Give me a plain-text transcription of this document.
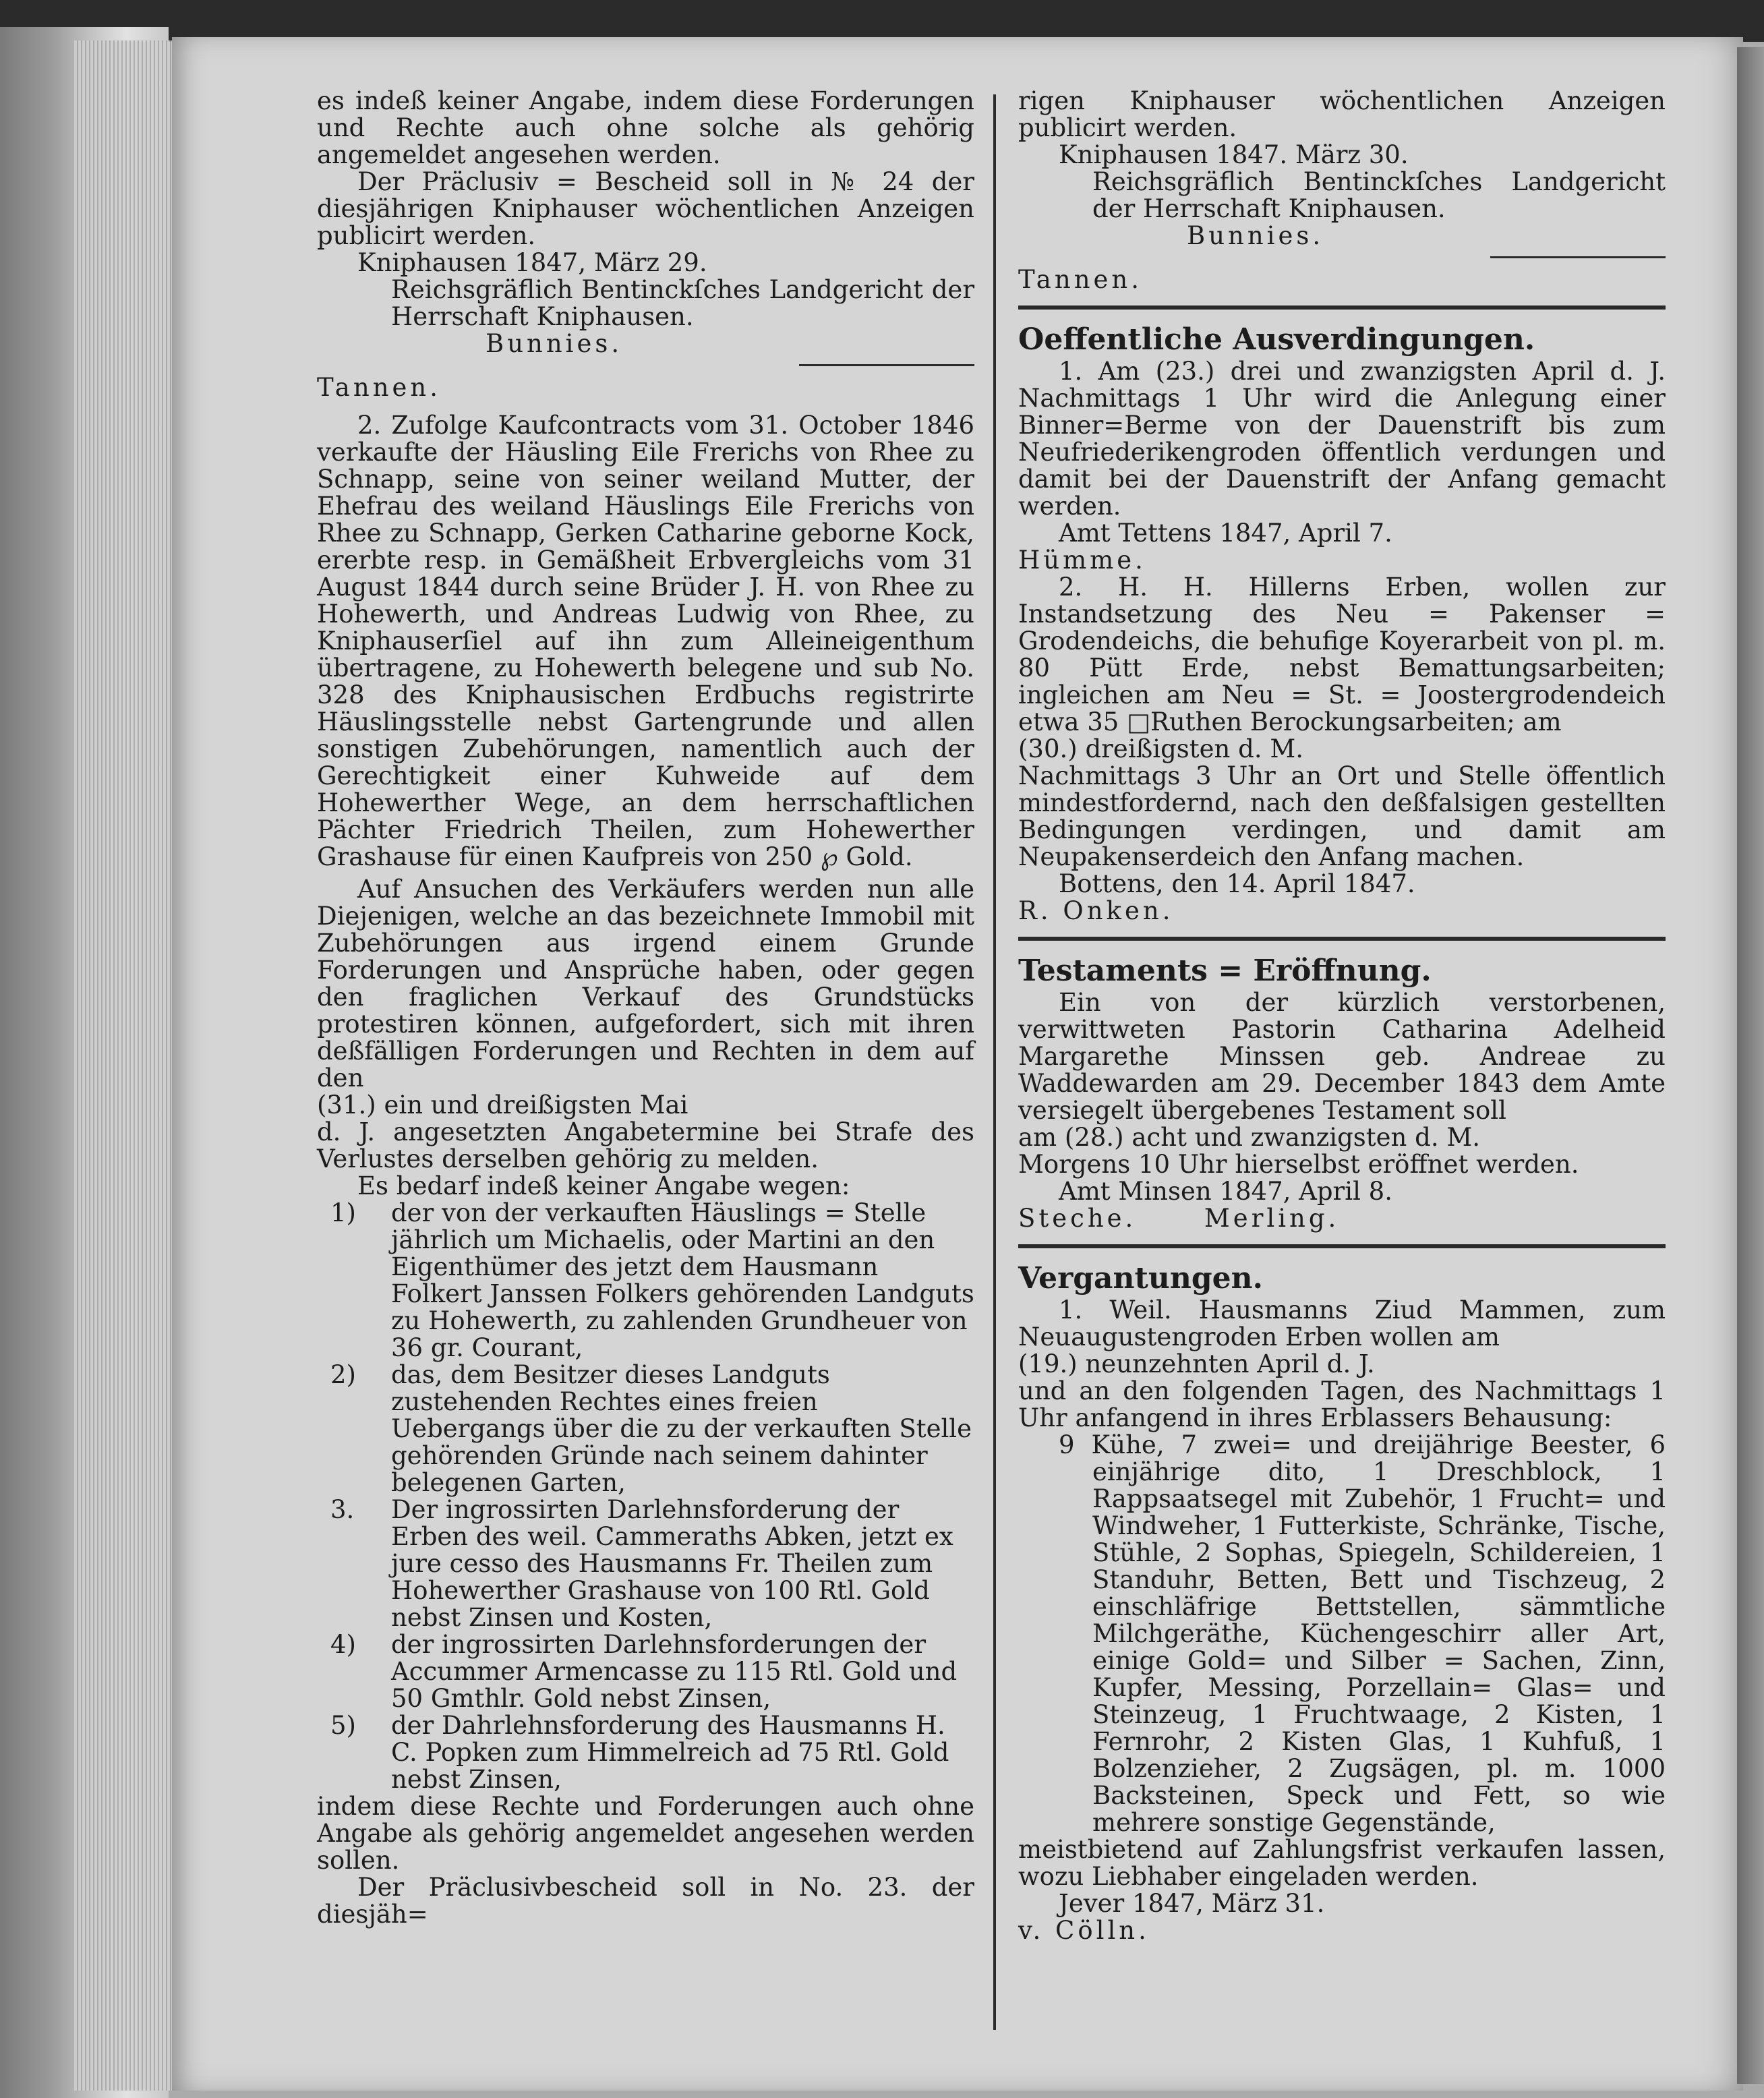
es indeß keiner Angabe, indem diese Forderungen und Rechte auch ohne solche als gehörig angemeldet angesehen werden.

Der Präclusiv = Bescheid soll in № 24 der diesjährigen Kniphauser wöchentlichen Anzeigen publicirt werden.

Kniphausen 1847, März 29.

Reichsgräflich Bentinckſches Landgericht der Herrschaft Kniphausen.

Bunnies.

Tannen.

2. Zufolge Kaufcontracts vom 31. October 1846 verkaufte der Häusling Eile Frerichs von Rhee zu Schnapp, seine von seiner weiland Mutter, der Ehefrau des weiland Häuslings Eile Frerichs von Rhee zu Schnapp, Gerken Catharine geborne Kock, ererbte resp. in Gemäßheit Erbvergleichs vom 31 August 1844 durch seine Brüder J. H. von Rhee zu Hohewerth, und Andreas Ludwig von Rhee, zu Kniphauserſiel auf ihn zum Alleineigenthum übertragene, zu Hohewerth belegene und sub No. 328 des Kniphausischen Erdbuchs registrirte Häuslingsstelle nebst Gartengrunde und allen sonstigen Zubehörungen, namentlich auch der Gerechtigkeit einer Kuhweide auf dem Hohewerther Wege, an dem herrschaftlichen Pächter Friedrich Theilen, zum Hohewerther Grashause für einen Kaufpreis von 250 ℘ Gold.

Auf Ansuchen des Verkäufers werden nun alle Diejenigen, welche an das bezeichnete Immobil mit Zubehörungen aus irgend einem Grunde Forderungen und Ansprüche haben, oder gegen den fraglichen Verkauf des Grundstücks protestiren können, aufgefordert, sich mit ihren deßfälligen Forderungen und Rechten in dem auf den

(31.) ein und dreißigsten Mai

d. J. angesetzten Angabetermine bei Strafe des Verlustes derselben gehörig zu melden.

Es bedarf indeß keiner Angabe wegen:

1) der von der verkauften Häuslings = Stelle jährlich um Michaelis, oder Martini an den Eigenthümer des jetzt dem Hausmann Folkert Janssen Folkers gehörenden Landguts zu Hohewerth, zu zahlenden Grundheuer von 36 gr. Courant,
2) das, dem Besitzer dieses Landguts zustehenden Rechtes eines freien Uebergangs über die zu der verkauften Stelle gehörenden Gründe nach seinem dahinter belegenen Garten,
3. Der ingrossirten Darlehnsforderung der Erben des weil. Cammeraths Abken, jetzt ex jure cesso des Hausmanns Fr. Theilen zum Hohewerther Grashause von 100 Rtl. Gold nebst Zinsen und Kosten,
4) der ingrossirten Darlehnsforderungen der Accummer Armencasse zu 115 Rtl. Gold und 50 Gmthlr. Gold nebst Zinsen,
5) der Dahrlehnsforderung des Hausmanns H. C. Popken zum Himmelreich ad 75 Rtl. Gold nebst Zinsen,

indem diese Rechte und Forderungen auch ohne Angabe als gehörig angemeldet angesehen werden sollen.

Der Präclusivbescheid soll in No. 23. der diesjäh=

rigen Kniphauser wöchentlichen Anzeigen publicirt werden.

Kniphausen 1847. März 30.

Reichsgräflich Bentinckſches Landgericht der Herrschaft Kniphausen.

Bunnies.

Tannen.

Oeffentliche Ausverdingungen.

1. Am (23.) drei und zwanzigsten April d. J. Nachmittags 1 Uhr wird die Anlegung einer Binner=Berme von der Dauenstrift bis zum Neufriederikengroden öffentlich verdungen und damit bei der Dauenstrift der Anfang gemacht werden.

Amt Tettens 1847, April 7.

Hümme.

2. H. H. Hillerns Erben, wollen zur Instandsetzung des Neu = Pakenser = Grodendeichs, die behufige Koyerarbeit von pl. m. 80 Pütt Erde, nebst Bemattungsarbeiten; ingleichen am Neu = St. = Joostergrodendeich etwa 35 □Ruthen Berockungsarbeiten; am

(30.) dreißigsten d. M.

Nachmittags 3 Uhr an Ort und Stelle öffentlich mindestfordernd, nach den deßfalsigen gestellten Bedingungen verdingen, und damit am Neupakenserdeich den Anfang machen.

Bottens, den 14. April 1847.

R. Onken.

Testaments = Eröffnung.

Ein von der kürzlich verstorbenen, verwittweten Pastorin Catharina Adelheid Margarethe Minssen geb. Andreae zu Waddewarden am 29. December 1843 dem Amte versiegelt übergebenes Testament soll

am (28.) acht und zwanzigsten d. M.

Morgens 10 Uhr hierselbst eröffnet werden.

Amt Minsen 1847, April 8.

Steche.	Merling.

Vergantungen.

1. Weil. Hausmanns Ziud Mammen, zum Neuaugustengroden Erben wollen am

(19.) neunzehnten April d. J.

und an den folgenden Tagen, des Nachmittags 1 Uhr anfangend in ihres Erblassers Behausung:

9 Kühe, 7 zwei= und dreijährige Beester, 6 einjährige dito, 1 Dreschblock, 1 Rappsaatsegel mit Zubehör, 1 Frucht= und Windweher, 1 Futterkiste, Schränke, Tische, Stühle, 2 Sophas, Spiegeln, Schildereien, 1 Standuhr, Betten, Bett und Tischzeug, 2 einschläfrige Bettstellen, sämmtliche Milchgeräthe, Küchengeschirr aller Art, einige Gold= und Silber = Sachen, Zinn, Kupfer, Messing, Porzellain= Glas= und Steinzeug, 1 Fruchtwaage, 2 Kisten, 1 Fernrohr, 2 Kisten Glas, 1 Kuhfuß, 1 Bolzenzieher, 2 Zugsägen, pl. m. 1000 Backsteinen, Speck und Fett, so wie mehrere sonstige Gegenstände,

meistbietend auf Zahlungsfrist verkaufen lassen, wozu Liebhaber eingeladen werden.

Jever 1847, März 31.

v. Cölln.
